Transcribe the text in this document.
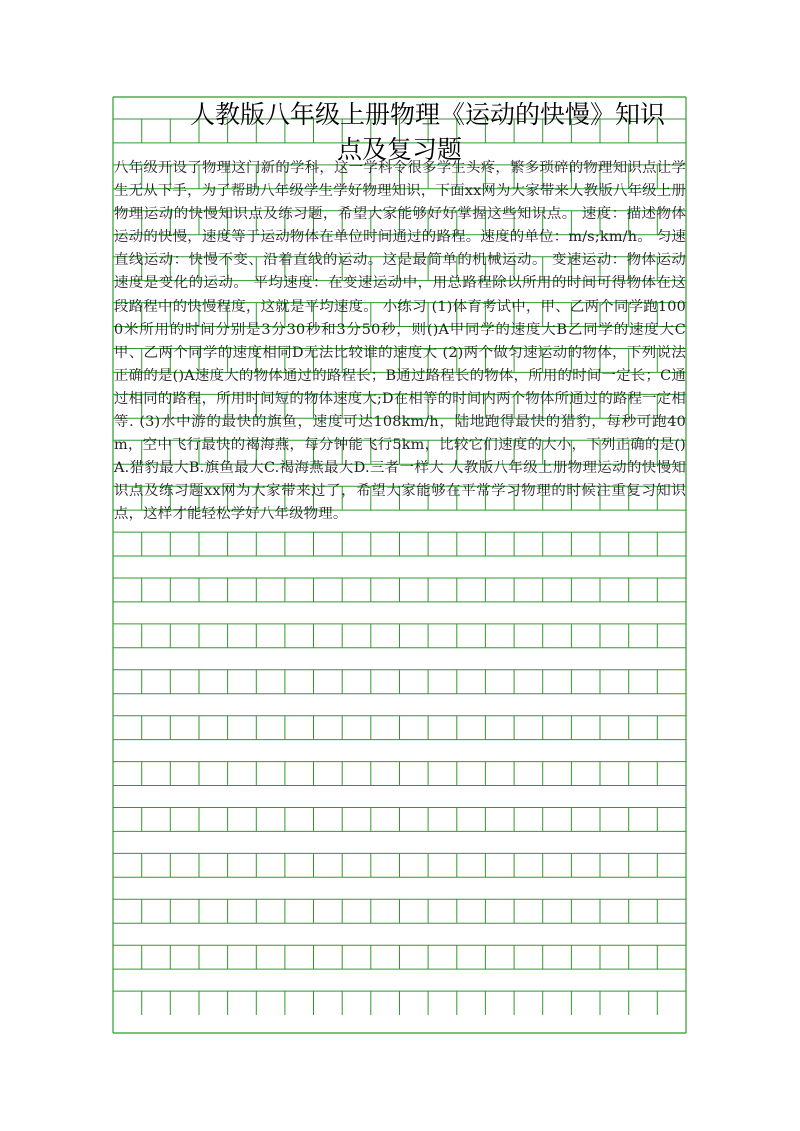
人教版八年级上册物理《运动的快慢》知识
点及复习题
八年级开设了物理这门新的学科，这一学科令很多学生头疼，繁多琐碎的物理知识点让学生无从下手，为了帮助八年级学生学好物理知识，下面xx网为大家带来人教版八年级上册物理运动的快慢知识点及练习题，希望大家能够好好掌握这些知识点。 速度：描述物体运动的快慢，速度等于运动物体在单位时间通过的路程。速度的单位：m/s;km/h。 匀速直线运动：快慢不变、沿着直线的运动。这是最简单的机械运动。 变速运动：物体运动速度是变化的运动。 平均速度：在变速运动中，用总路程除以所用的时间可得物体在这段路程中的快慢程度，这就是平均速度。 小练习 (1)体育考试中，甲、乙两个同学跑1000米所用的时间分别是3分30秒和3分50秒，则()A甲同学的速度大B乙同学的速度大C甲、乙两个同学的速度相同D无法比较谁的速度大 (2)两个做匀速运动的物体，下列说法正确的是()A速度大的物体通过的路程长；B通过路程长的物体，所用的时间一定长；C通过相同的路程，所用时间短的物体速度大;D在相等的时间内两个物体所通过的路程一定相等. (3)水中游的最快的旗鱼，速度可达108km/h，陆地跑得最快的猎豹，每秒可跑40m，空中飞行最快的褐海燕，每分钟能飞行5km，比较它们速度的大小，下列正确的是()A.猎豹最大B.旗鱼最大C.褐海燕最大D.三者一样大 人教版八年级上册物理运动的快慢知识点及练习题xx网为大家带来过了，希望大家能够在平常学习物理的时候注重复习知识点，这样才能轻松学好八年级物理。
